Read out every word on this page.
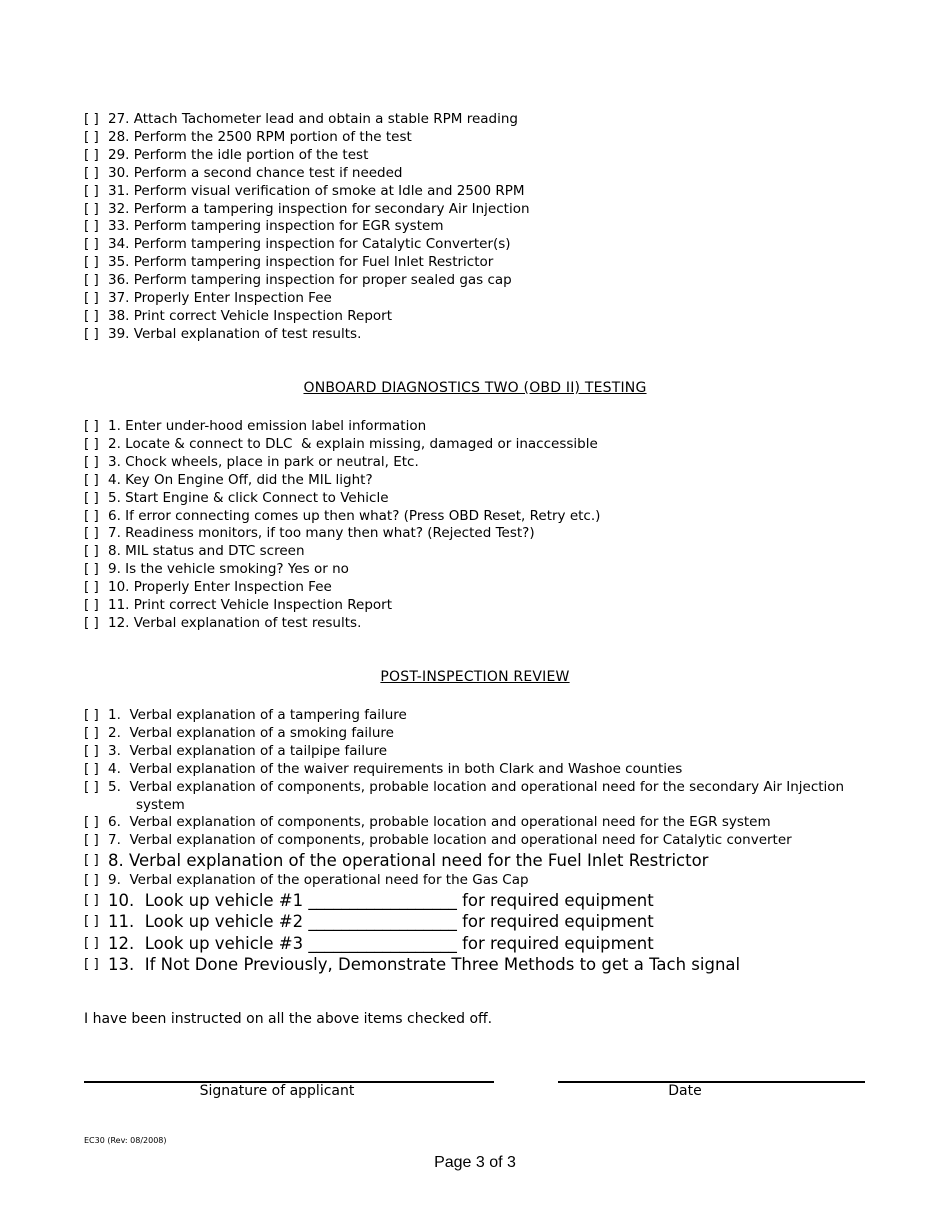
[ ] 27. Attach Tachometer lead and obtain a stable RPM reading
[ ] 28. Perform the 2500 RPM portion of the test
[ ] 29. Perform the idle portion of the test
[ ] 30. Perform a second chance test if needed
[ ] 31. Perform visual verification of smoke at Idle and 2500 RPM
[ ] 32. Perform a tampering inspection for secondary Air Injection
[ ] 33. Perform tampering inspection for EGR system
[ ] 34. Perform tampering inspection for Catalytic Converter(s)
[ ] 35. Perform tampering inspection for Fuel Inlet Restrictor
[ ] 36. Perform tampering inspection for proper sealed gas cap
[ ] 37. Properly Enter Inspection Fee
[ ] 38. Print correct Vehicle Inspection Report
[ ] 39. Verbal explanation of test results.
ONBOARD DIAGNOSTICS TWO (OBD II) TESTING
[ ] 1. Enter under-hood emission label information
[ ] 2. Locate & connect to DLC  & explain missing, damaged or inaccessible
[ ] 3. Chock wheels, place in park or neutral, Etc.
[ ] 4. Key On Engine Off, did the MIL light?
[ ] 5. Start Engine & click Connect to Vehicle
[ ] 6. If error connecting comes up then what? (Press OBD Reset, Retry etc.)
[ ] 7. Readiness monitors, if too many then what? (Rejected Test?)
[ ] 8. MIL status and DTC screen
[ ] 9. Is the vehicle smoking? Yes or no
[ ] 10. Properly Enter Inspection Fee
[ ] 11. Print correct Vehicle Inspection Report
[ ] 12. Verbal explanation of test results.
POST-INSPECTION REVIEW
[ ] 1.  Verbal explanation of a tampering failure
[ ] 2.  Verbal explanation of a smoking failure
[ ] 3.  Verbal explanation of a tailpipe failure
[ ] 4.  Verbal explanation of the waiver requirements in both Clark and Washoe counties
[ ] 5.  Verbal explanation of components, probable location and operational need for the secondary Air Injection
system
[ ] 6.  Verbal explanation of components, probable location and operational need for the EGR system
[ ] 7.  Verbal explanation of components, probable location and operational need for Catalytic converter
[ ] 8. Verbal explanation of the operational need for the Fuel Inlet Restrictor
[ ] 9.  Verbal explanation of the operational need for the Gas Cap
[ ] 10.  Look up vehicle #1 __________________ for required equipment
[ ] 11.  Look up vehicle #2 __________________ for required equipment
[ ] 12.  Look up vehicle #3 __________________ for required equipment
[ ] 13.  If Not Done Previously, Demonstrate Three Methods to get a Tach signal
I have been instructed on all the above items checked off.
Signature of applicant	Date
EC30 (Rev: 08/2008)
Page 3 of 3
